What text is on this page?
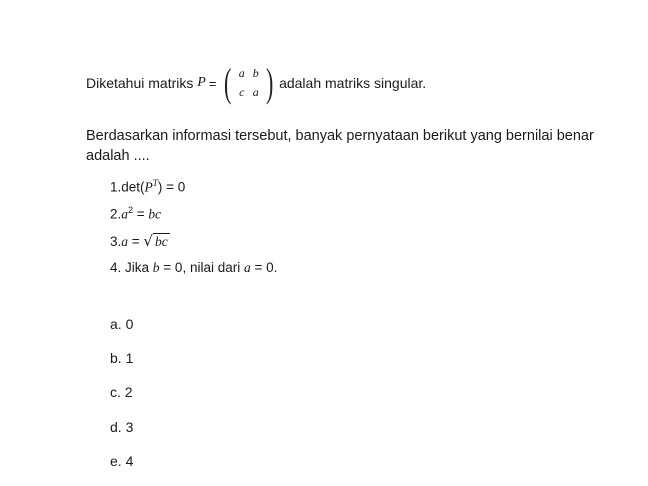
Diketahui matriks
P = ( a b
c a ) adalah matriks singular.
Berdasarkan informasi tersebut, banyak pernyataan berikut yang bernilai benar adalah ....
$1.\det(P^T) = 0$
$2.a^2$ = bc
3.a = √ bc
4. Jika b = 0, nilai dari a = 0.
a. 0
b. 1
c. 2
d. 3
e. 4
